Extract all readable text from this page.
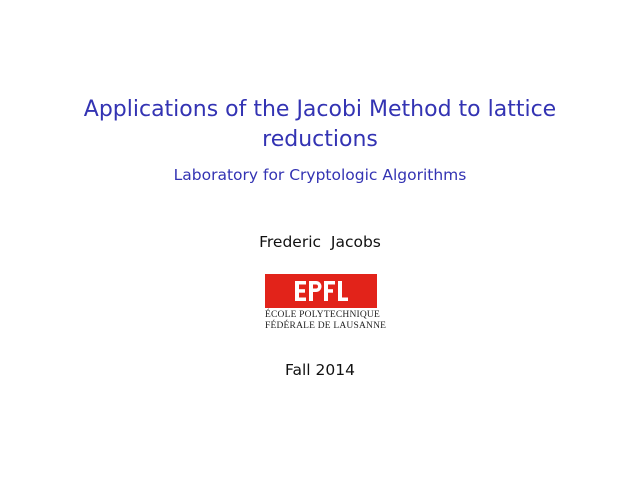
Applications of the Jacobi Method to lattice reductions
Laboratory for Cryptologic Algorithms
Frederic  Jacobs
ÉCOLE POLYTECHNIQUE
FÉDÉRALE DE LAUSANNE
Fall 2014
